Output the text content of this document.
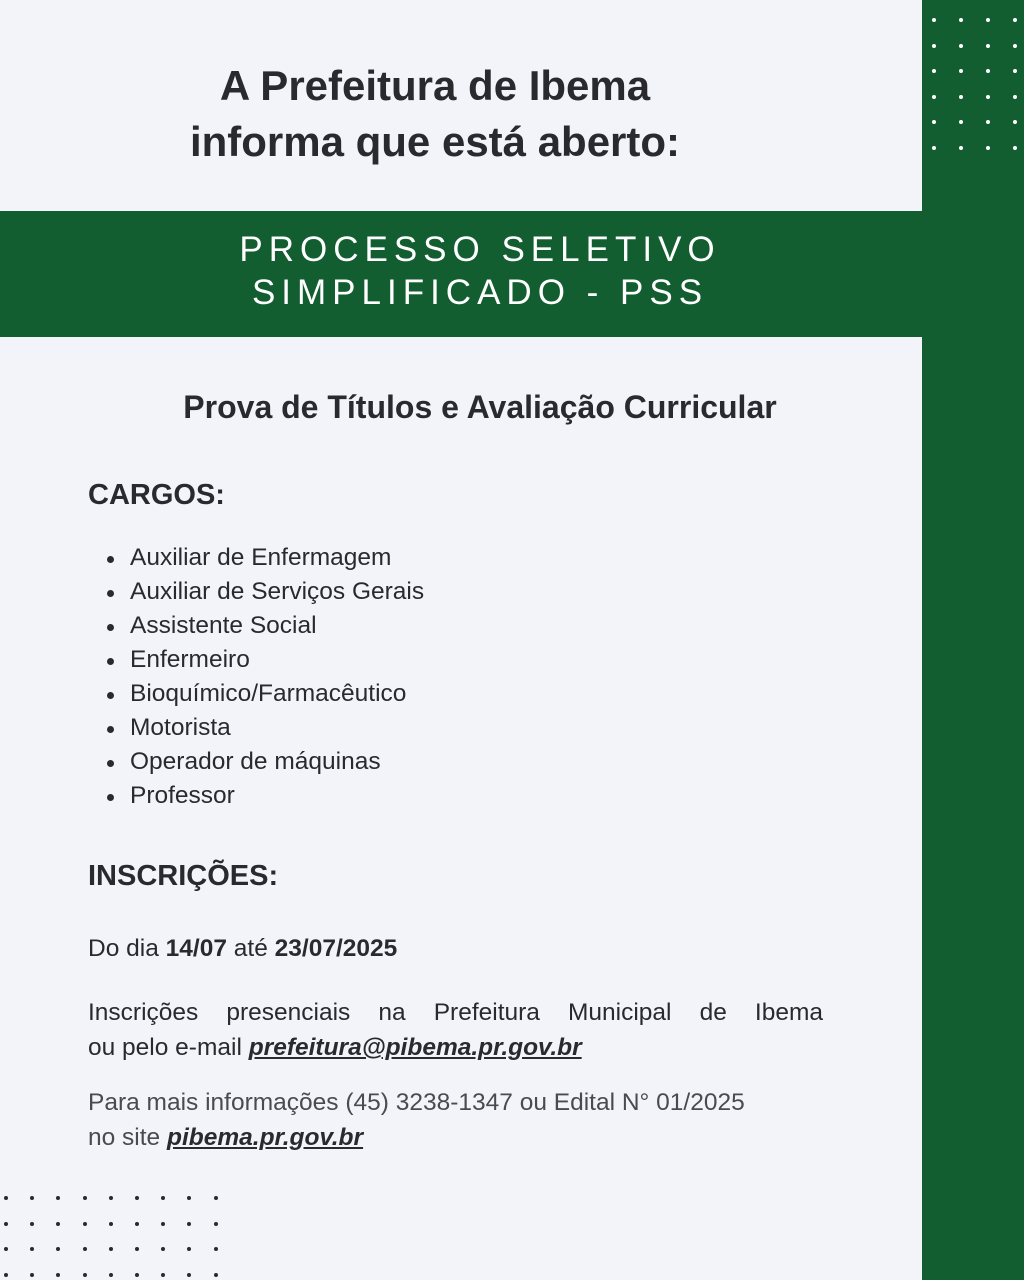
A Prefeitura de Ibema
informa que está aberto:
PROCESSO SELETIVO
SIMPLIFICADO - PSS
Prova de Títulos e Avaliação Curricular
CARGOS:
Auxiliar de Enfermagem
Auxiliar de Serviços Gerais
Assistente Social
Enfermeiro
Bioquímico/Farmacêutico
Motorista
Operador de máquinas
Professor
INSCRIÇÕES:
Do dia 14/07 até 23/07/2025
Inscrições presenciais na Prefeitura Municipal de Ibema
ou pelo e-mail prefeitura@pibema.pr.gov.br
Para mais informações (45) 3238-1347 ou Edital N° 01/2025
no site pibema.pr.gov.br
